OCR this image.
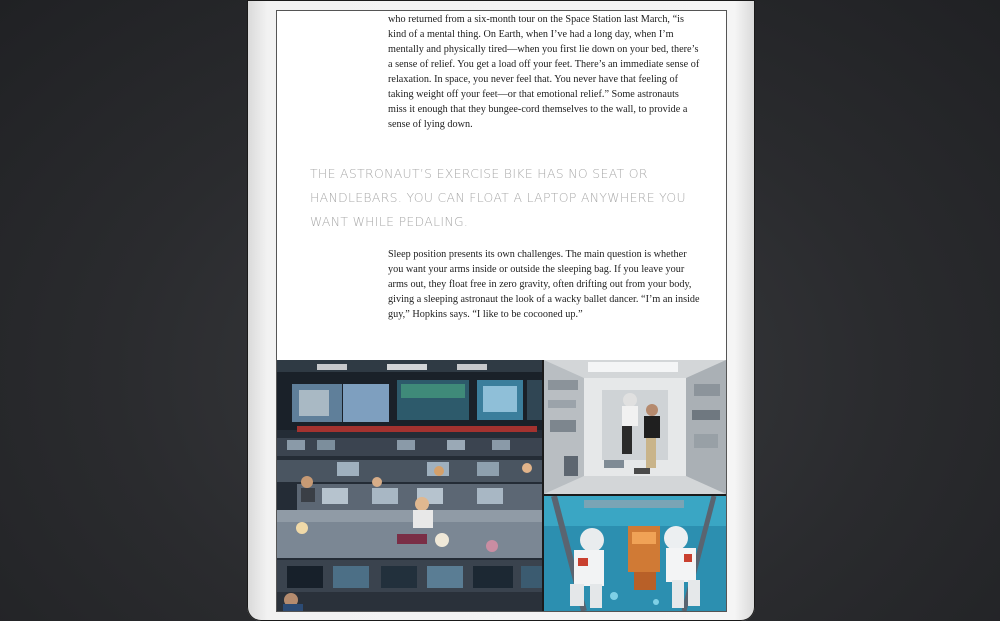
who returned from a six-month tour on the Space Station last March, “is kind of a mental thing. On Earth, when I’ve had a long day, when I’m mentally and physically tired—when you first lie down on your bed, there’s a sense of relief. You get a load off your feet. There’s an immediate sense of relaxation. In space, you never feel that. You never have that feeling of taking weight off your feet—or that emotional relief.” Some astronauts miss it enough that they bungee-cord themselves to the wall, to provide a sense of lying down.

THE ASTRONAUT’S EXERCISE BIKE HAS NO SEAT OR HANDLEBARS. YOU CAN FLOAT A LAPTOP ANYWHERE YOU WANT WHILE PEDALING.

Sleep position presents its own challenges. The main question is whether you want your arms inside or outside the sleeping bag. If you leave your arms out, they float free in zero gravity, often drifting out from your body, giving a sleeping astronaut the look of a wacky ballet dancer. “I’m an inside guy,” Hopkins says. “I like to be cocooned up.”
